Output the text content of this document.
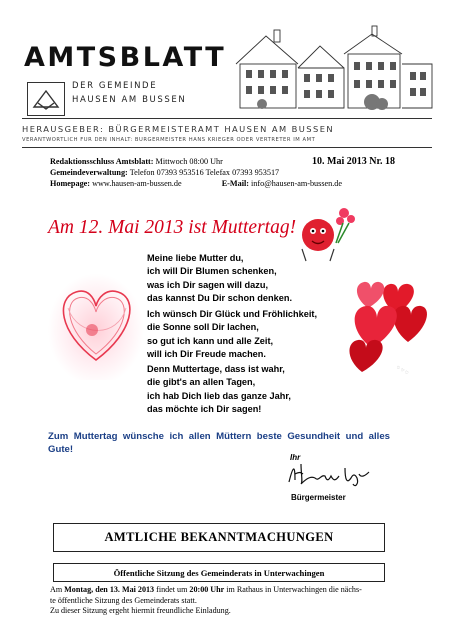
AMTSBLATT
DER GEMEINDE
HAUSEN AM BUSSEN
HERAUSGEBER: BÜRGERMEISTERAMT HAUSEN AM BUSSEN
VERANTWORTLICH FÜR DEN INHALT: BÜRGERMEISTER HANS KRIEGER ODER VERTRETER IM AMT
Redaktionsschluss Amtsblatt: Mittwoch 08:00 Uhr	10. Mai 2013 Nr. 18
Gemeindeverwaltung: Telefon 07393 953516 Telefax 07393 953517
Homepage: www.hausen-am-bussen.de	E-Mail: info@hausen-am-bussen.de
Am 12. Mai 2013 ist Muttertag!
♡ ♡ ♡
Meine liebe Mutter du,
ich will Dir Blumen schenken,
was ich Dir sagen will dazu,
das kannst Du Dir schon denken.
Ich wünsch Dir Glück und Fröhlichkeit,
die Sonne soll Dir lachen,
so gut ich kann und alle Zeit,
will ich Dir Freude machen.
Denn Muttertage, dass ist wahr,
die gibt's an allen Tagen,
ich hab Dich lieb das ganze Jahr,
das möchte ich Dir sagen!
Zum Muttertag wünsche ich allen Müttern beste Gesundheit und alles Gute!
Ihr
Bürgermeister
AMTLICHE BEKANNTMACHUNGEN
Öffentliche Sitzung des Gemeinderats in Unterwachingen
Am Montag, den 13. Mai 2013 findet um 20:00 Uhr im Rathaus in Unterwachingen die nächs-
te öffentliche Sitzung des Gemeinderats statt.
Zu dieser Sitzung ergeht hiermit freundliche Einladung.
